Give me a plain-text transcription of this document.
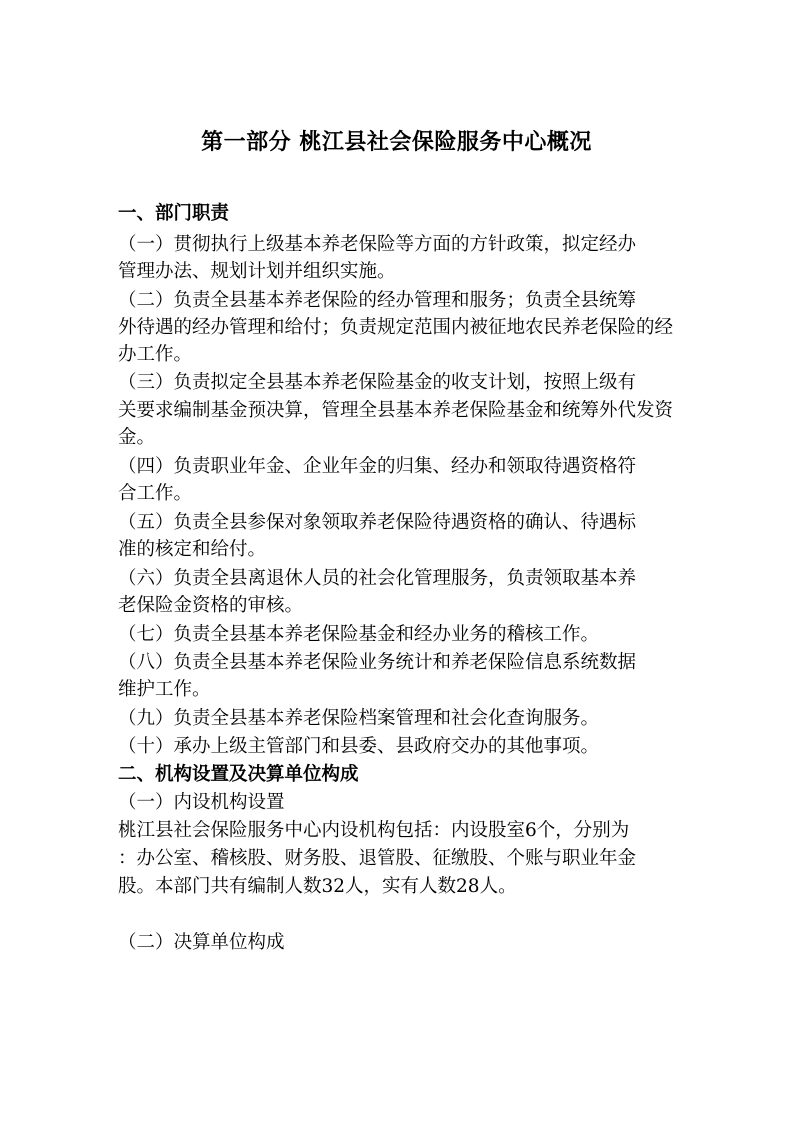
第一部分 桃江县社会保险服务中心概况
一、部门职责
（一）贯彻执行上级基本养老保险等方面的方针政策，拟定经办
管理办法、规划计划并组织实施。
（二）负责全县基本养老保险的经办管理和服务；负责全县统筹
外待遇的经办管理和给付；负责规定范围内被征地农民养老保险的经
办工作。
（三）负责拟定全县基本养老保险基金的收支计划，按照上级有
关要求编制基金预决算，管理全县基本养老保险基金和统筹外代发资
金。
（四）负责职业年金、企业年金的归集、经办和领取待遇资格符
合工作。
（五）负责全县参保对象领取养老保险待遇资格的确认、待遇标
准的核定和给付。
（六）负责全县离退休人员的社会化管理服务，负责领取基本养
老保险金资格的审核。
（七）负责全县基本养老保险基金和经办业务的稽核工作。
（八）负责全县基本养老保险业务统计和养老保险信息系统数据
维护工作。
（九）负责全县基本养老保险档案管理和社会化查询服务。
（十）承办上级主管部门和县委、县政府交办的其他事项。
二、机构设置及决算单位构成
（一）内设机构设置
桃江县社会保险服务中心内设机构包括：内设股室6个，分别为
：办公室、稽核股、财务股、退管股、征缴股、个账与职业年金
股。本部门共有编制人数32人，实有人数28人。
（二）决算单位构成
